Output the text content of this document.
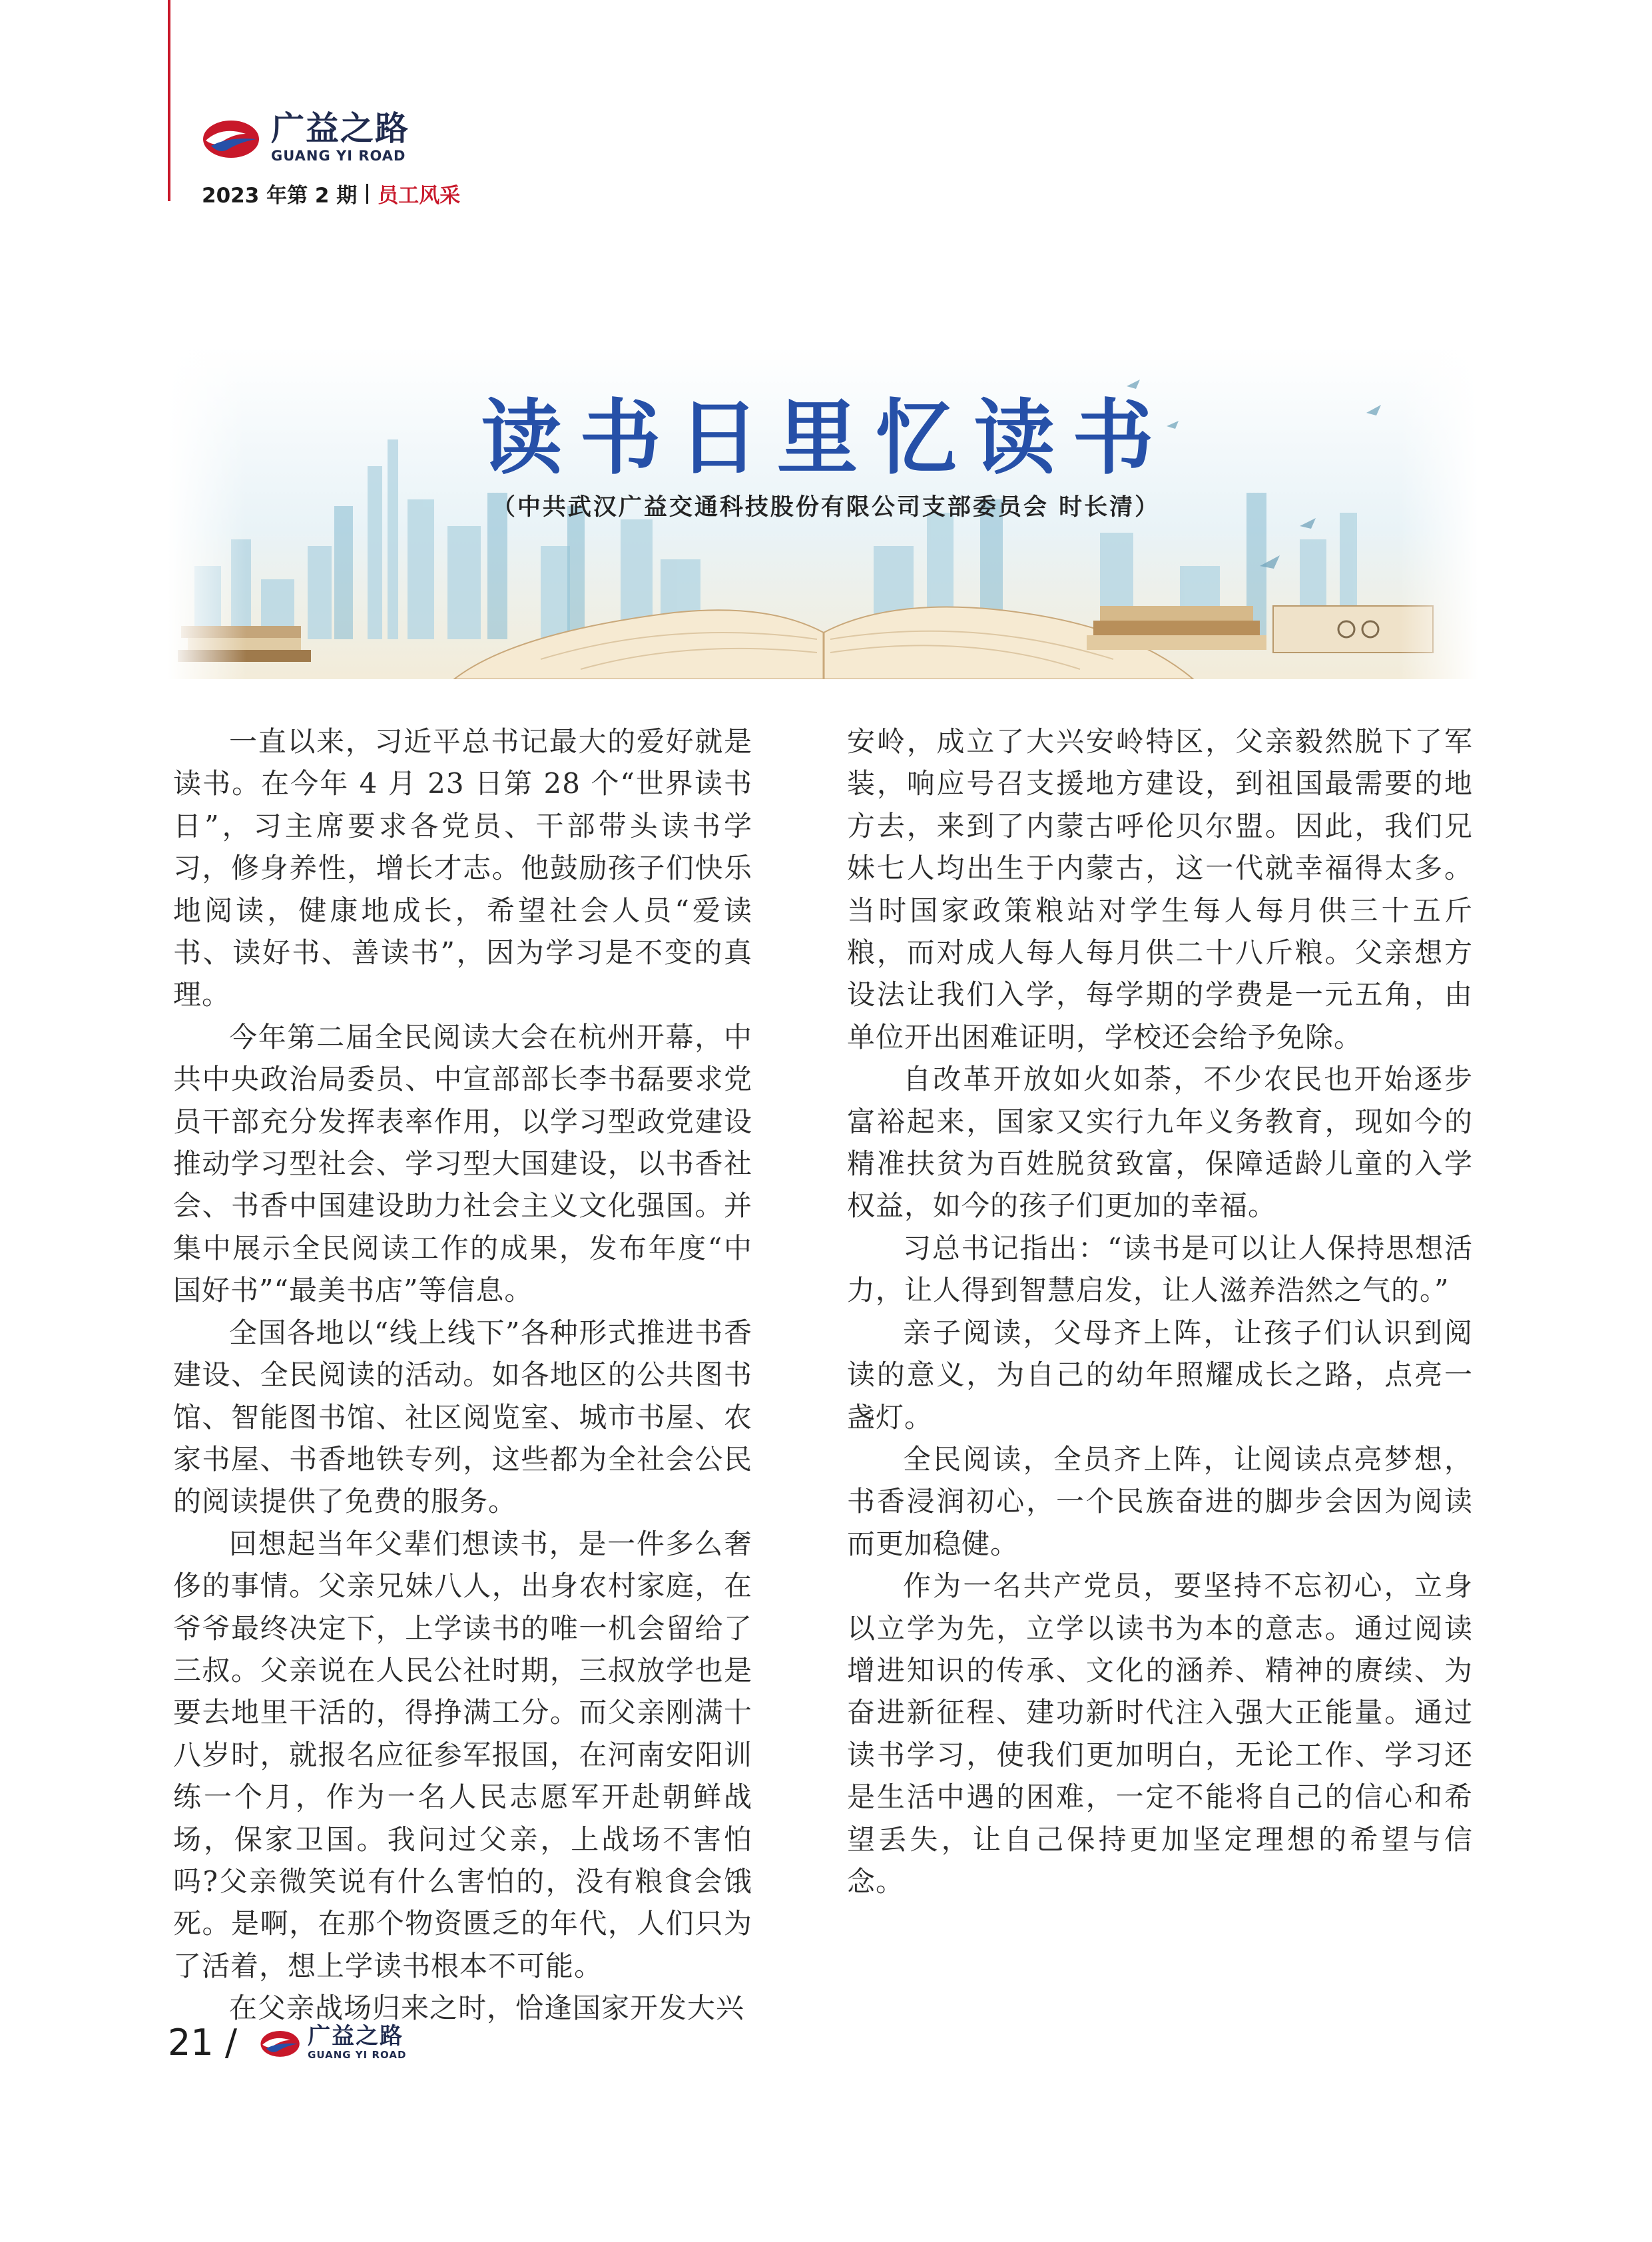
广益之路
GUANG YI ROAD
2023 年第 2 期 员工风采
读书日里忆读书
（中共武汉广益交通科技股份有限公司支部委员会 时长清）

一直以来，习近平总书记最大的爱好就是读书。在今年 4 月 23 日第 28 个“世界读书日”，习主席要求各党员、干部带头读书学习，修身养性，增长才志。他鼓励孩子们快乐地阅读，健康地成长，希望社会人员“爱读书、读好书、善读书”，因为学习是不变的真理。

今年第二届全民阅读大会在杭州开幕，中共中央政治局委员、中宣部部长李书磊要求党员干部充分发挥表率作用，以学习型政党建设推动学习型社会、学习型大国建设，以书香社会、书香中国建设助力社会主义文化强国。并集中展示全民阅读工作的成果，发布年度“中国好书”“最美书店”等信息。

全国各地以“线上线下”各种形式推进书香建设、全民阅读的活动。如各地区的公共图书馆、智能图书馆、社区阅览室、城市书屋、农家书屋、书香地铁专列，这些都为全社会公民的阅读提供了免费的服务。

回想起当年父辈们想读书，是一件多么奢侈的事情。父亲兄妹八人，出身农村家庭，在爷爷最终决定下，上学读书的唯一机会留给了三叔。父亲说在人民公社时期，三叔放学也是要去地里干活的，得挣满工分。而父亲刚满十八岁时，就报名应征参军报国，在河南安阳训练一个月，作为一名人民志愿军开赴朝鲜战场，保家卫国。我问过父亲，上战场不害怕吗?父亲微笑说有什么害怕的，没有粮食会饿死。是啊，在那个物资匮乏的年代，人们只为了活着，想上学读书根本不可能。

在父亲战场归来之时，恰逢国家开发大兴

安岭，成立了大兴安岭特区，父亲毅然脱下了军装，响应号召支援地方建设，到祖国最需要的地方去，来到了内蒙古呼伦贝尔盟。因此，我们兄妹七人均出生于内蒙古，这一代就幸福得太多。当时国家政策粮站对学生每人每月供三十五斤粮，而对成人每人每月供二十八斤粮。父亲想方设法让我们入学，每学期的学费是一元五角，由单位开出困难证明，学校还会给予免除。

自改革开放如火如荼，不少农民也开始逐步富裕起来，国家又实行九年义务教育，现如今的精准扶贫为百姓脱贫致富，保障适龄儿童的入学权益，如今的孩子们更加的幸福。

习总书记指出：“读书是可以让人保持思想活力，让人得到智慧启发，让人滋养浩然之气的。”

亲子阅读，父母齐上阵，让孩子们认识到阅读的意义，为自己的幼年照耀成长之路，点亮一盏灯。

全民阅读，全员齐上阵，让阅读点亮梦想，书香浸润初心，一个民族奋进的脚步会因为阅读而更加稳健。

作为一名共产党员，要坚持不忘初心，立身以立学为先，立学以读书为本的意志。通过阅读增进知识的传承、文化的涵养、精神的赓续、为奋进新征程、建功新时代注入强大正能量。通过读书学习，使我们更加明白，无论工作、学习还是生活中遇的困难，一定不能将自己的信心和希望丢失，让自己保持更加坚定理想的希望与信念。

21 /	广益之路
GUANG YI ROAD
